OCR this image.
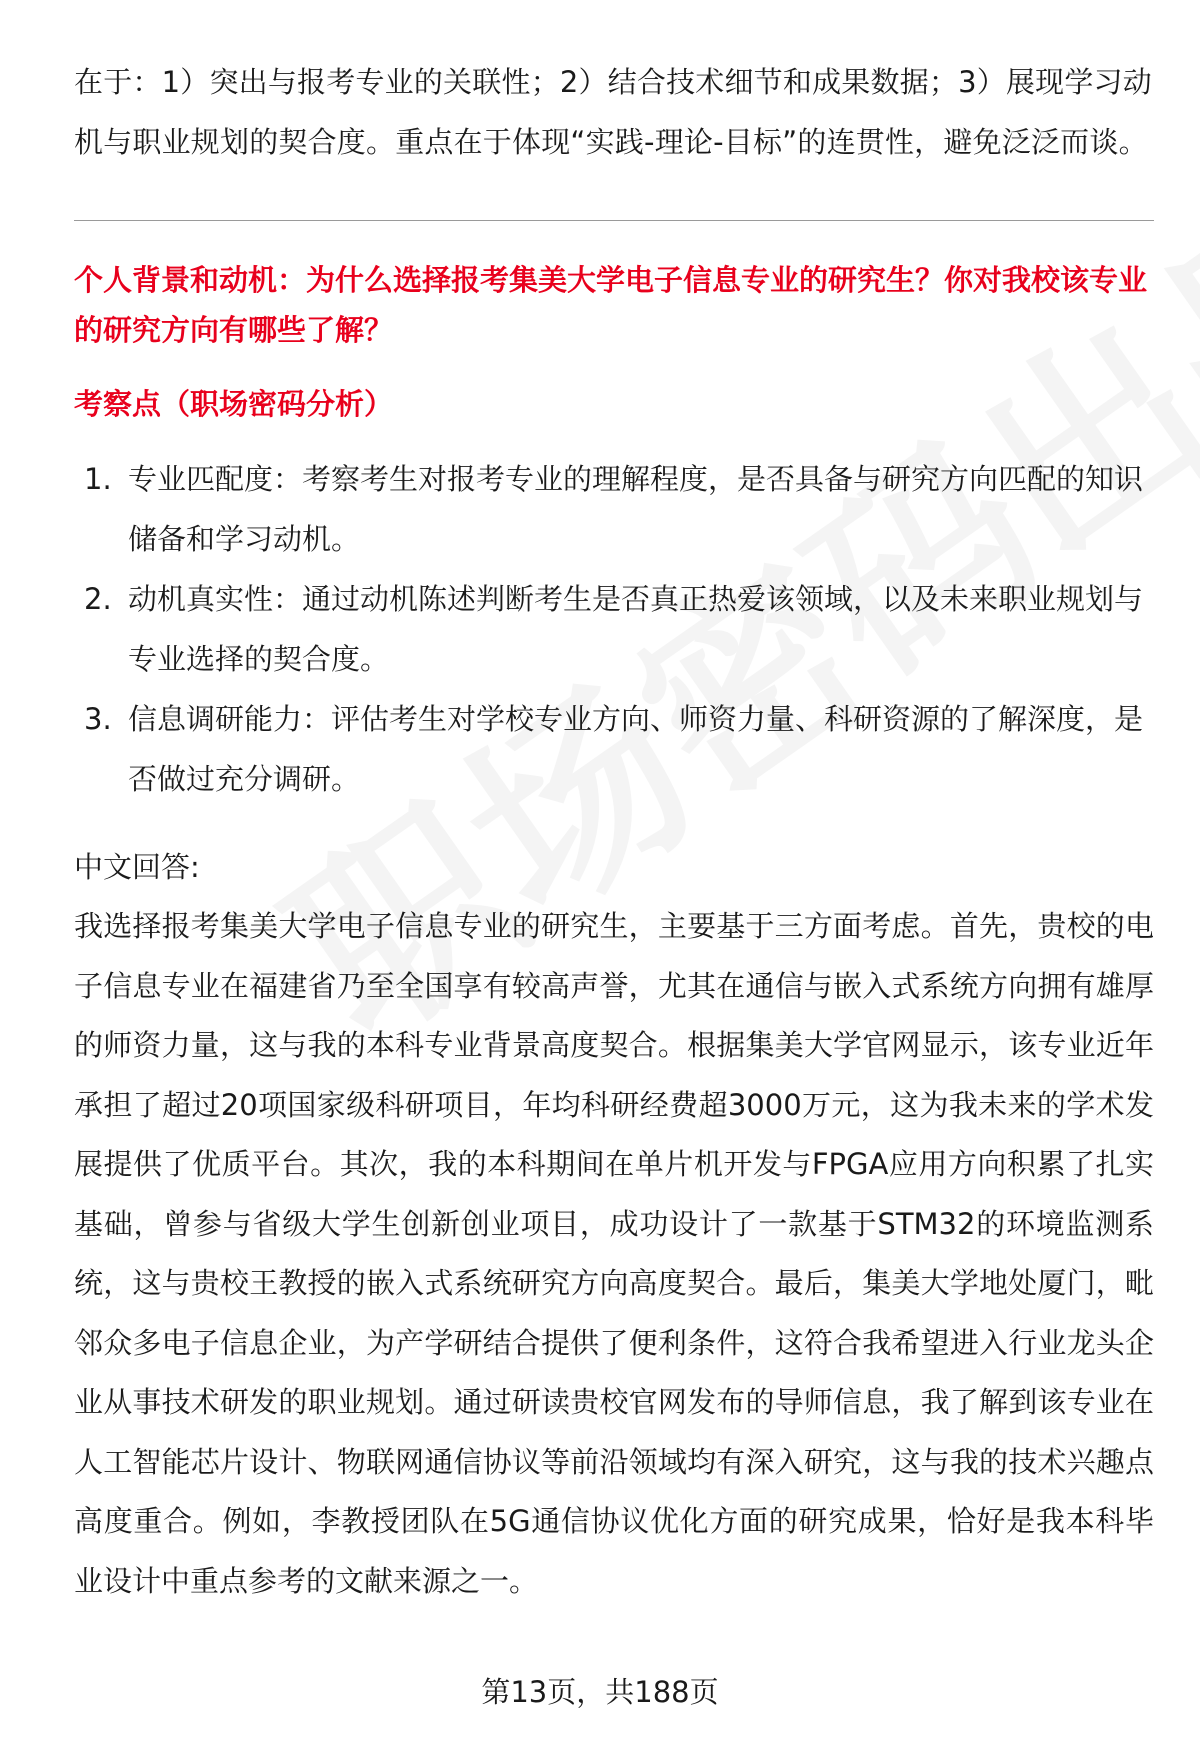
在于：1）突出与报考专业的关联性；2）结合技术细节和成果数据；3）展现学习动机与职业规划的契合度。重点在于体现“实践-理论-目标”的连贯性，避免泛泛而谈。

个人背景和动机：为什么选择报考集美大学电子信息专业的研究生？你对我校该专业的研究方向有哪些了解？

考察点（职场密码分析）

1. 专业匹配度：考察考生对报考专业的理解程度，是否具备与研究方向匹配的知识储备和学习动机。
2. 动机真实性：通过动机陈述判断考生是否真正热爱该领域，以及未来职业规划与专业选择的契合度。
3. 信息调研能力：评估考生对学校专业方向、师资力量、科研资源的了解深度，是否做过充分调研。

中文回答:

我选择报考集美大学电子信息专业的研究生，主要基于三方面考虑。首先，贵校的电子信息专业在福建省乃至全国享有较高声誉，尤其在通信与嵌入式系统方向拥有雄厚的师资力量，这与我的本科专业背景高度契合。根据集美大学官网显示，该专业近年承担了超过20项国家级科研项目，年均科研经费超3000万元，这为我未来的学术发展提供了优质平台。其次，我的本科期间在单片机开发与FPGA应用方向积累了扎实基础，曾参与省级大学生创新创业项目，成功设计了一款基于STM32的环境监测系统，这与贵校王教授的嵌入式系统研究方向高度契合。最后，集美大学地处厦门，毗邻众多电子信息企业，为产学研结合提供了便利条件，这符合我希望进入行业龙头企业从事技术研发的职业规划。通过研读贵校官网发布的导师信息，我了解到该专业在人工智能芯片设计、物联网通信协议等前沿领域均有深入研究，这与我的技术兴趣点高度重合。例如，李教授团队在5G通信协议优化方面的研究成果，恰好是我本科毕业设计中重点参考的文献来源之一。

第13页，共188页
